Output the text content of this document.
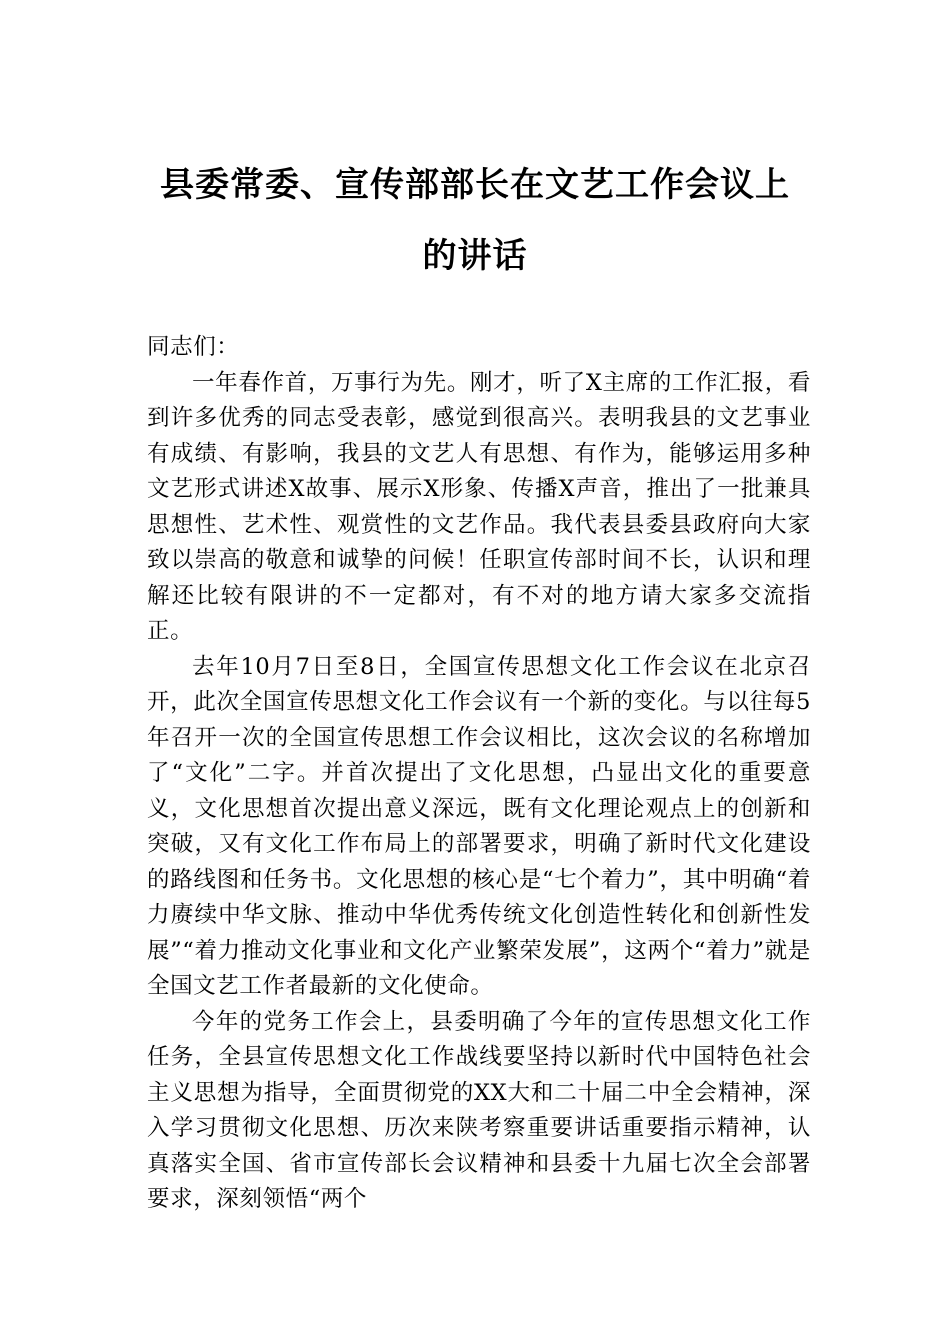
县委常委、宣传部部长在文艺工作会议上
的讲话

同志们：

一年春作首，万事行为先。刚才，听了X主席的工作汇报，看到许多优秀的同志受表彰，感觉到很高兴。表明我县的文艺事业有成绩、有影响，我县的文艺人有思想、有作为，能够运用多种文艺形式讲述X故事、展示X形象、传播X声音，推出了一批兼具思想性、艺术性、观赏性的文艺作品。我代表县委县政府向大家致以崇高的敬意和诚挚的问候！任职宣传部时间不长，认识和理解还比较有限讲的不一定都对，有不对的地方请大家多交流指正。

去年10月7日至8日，全国宣传思想文化工作会议在北京召开，此次全国宣传思想文化工作会议有一个新的变化。与以往每5年召开一次的全国宣传思想工作会议相比，这次会议的名称增加了“文化”二字。并首次提出了文化思想，凸显出文化的重要意义，文化思想首次提出意义深远，既有文化理论观点上的创新和突破，又有文化工作布局上的部署要求，明确了新时代文化建设的路线图和任务书。文化思想的核心是“七个着力”，其中明确“着力赓续中华文脉、推动中华优秀传统文化创造性转化和创新性发展”“着力推动文化事业和文化产业繁荣发展”，这两个“着力”就是全国文艺工作者最新的文化使命。

今年的党务工作会上，县委明确了今年的宣传思想文化工作任务，全县宣传思想文化工作战线要坚持以新时代中国特色社会主义思想为指导，全面贯彻党的XX大和二十届二中全会精神，深入学习贯彻文化思想、历次来陕考察重要讲话重要指示精神，认真落实全国、省市宣传部长会议精神和县委十九届七次全会部署要求，深刻领悟“两个
